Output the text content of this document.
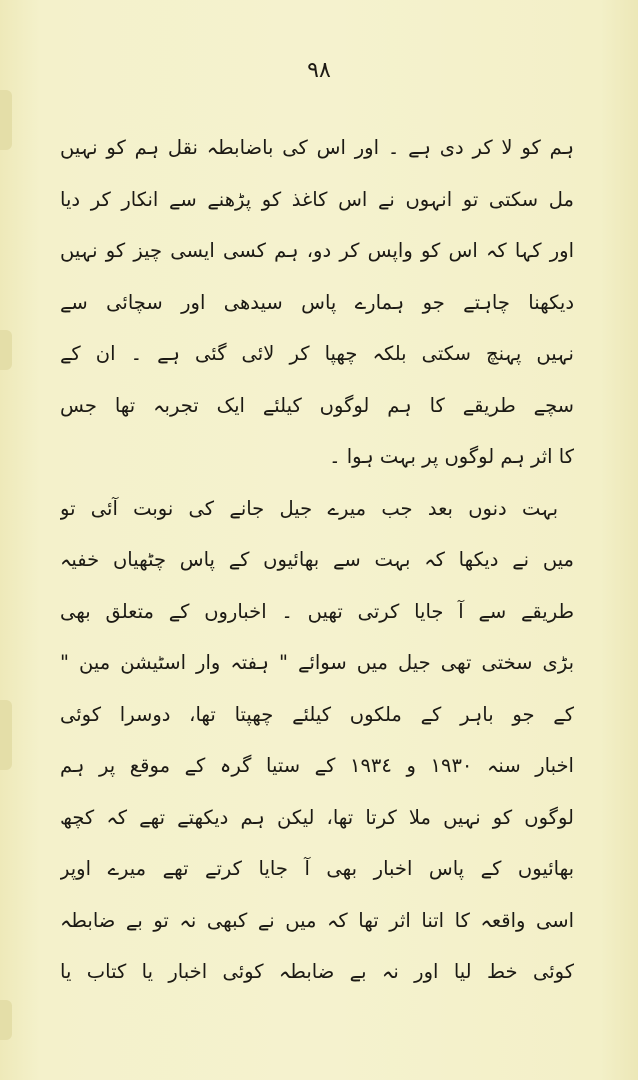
٩٨
ہم کو لا کر دی ہے ۔ اور اس کی باضابطہ نقل ہم کو نہیں
مل سکتی تو انہوں نے اس کاغذ کو پڑھنے سے انکار کر دیا
اور کہا کہ اس کو واپس کر دو، ہم کسی ایسی چیز کو نہیں
دیکھنا چاہتے جو ہمارے پاس سیدھی اور سچائی سے
نہیں پہنچ سکتی بلکہ چھپا کر لائی گئی ہے ۔ ان کے
سچے طریقے کا ہم لوگوں کیلئے ایک تجربہ تھا جس
کا اثر ہم لوگوں پر بہت ہوا ۔
بہت دنوں بعد جب میرے جیل جانے کی نوبت آئی تو
میں نے دیکھا کہ بہت سے بھائیوں کے پاس چٹھیاں خفیہ
طریقے سے آ جایا کرتی تھیں ۔ اخباروں کے متعلق بھی
بڑی سختی تھی جیل میں سوائے " ہفتہ وار اسٹیشن مین "
کے جو باہر کے ملکوں کیلئے چھپتا تھا، دوسرا کوئی
اخبار سنہ ١٩٣٠ و ١٩٣٤ کے ستیا گرہ کے موقع پر ہم
لوگوں کو نہیں ملا کرتا تھا، لیکن ہم دیکھتے تھے کہ کچھ
بھائیوں کے پاس اخبار بھی آ جایا کرتے تھے میرے اوپر
اسی واقعہ کا اتنا اثر تھا کہ میں نے کبھی نہ تو بے ضابطہ
کوئی خط لیا اور نہ بے ضابطہ کوئی اخبار یا کتاب یا
